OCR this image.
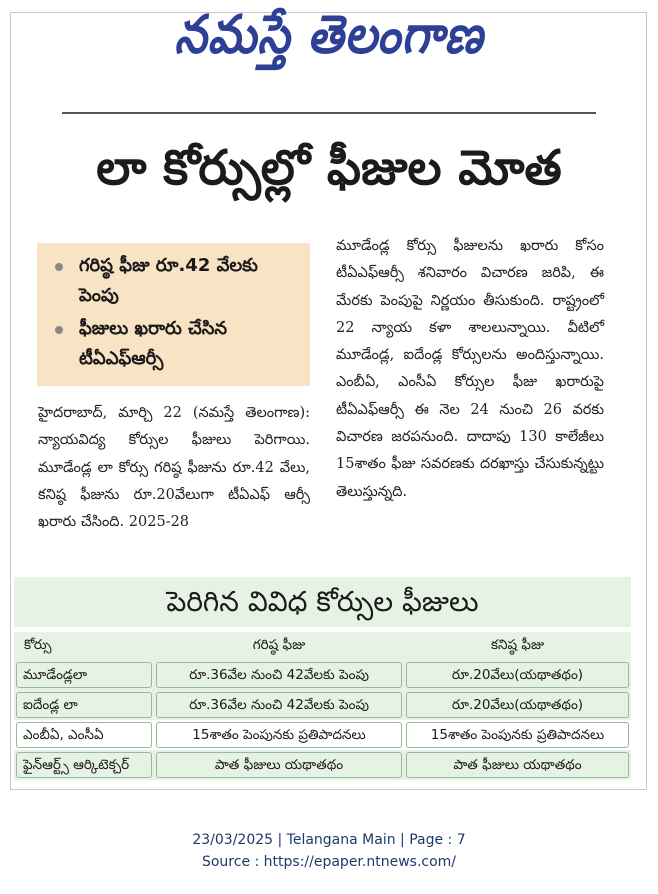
నమస్తే తెలంగాణ
లా కోర్సుల్లో ఫీజుల మోత
గరిష్ఠ ఫీజు రూ.42 వేలకు పెంపు
ఫీజులు ఖరారు చేసిన టీఏఎఫ్‌ఆర్సీ
హైదరాబాద్, మార్చి 22 (నమస్తే తెలంగాణ): న్యాయవిద్య కోర్సుల ఫీజులు పెరిగాయి. మూడేండ్ల లా కోర్సు గరిష్ఠ ఫీజును రూ.42 వేలు, కనిష్ఠ ఫీజును రూ.20వేలుగా టీఏఎఫ్ ఆర్సీ ఖరారు చేసింది. 2025-28
మూడేండ్ల కోర్సు ఫీజులను ఖరారు కోసం టీఏఎఫ్‌ఆర్సీ శనివారం విచారణ జరిపి, ఈ మేరకు పెంపుపై నిర్ణయం తీసుకుంది. రాష్ట్రంలో 22 న్యాయ కళా శాలలున్నాయి. వీటిలో మూడేండ్ల, ఐదేండ్ల కోర్సులను అందిస్తున్నాయి. ఎంబీఏ, ఎంసీఏ కోర్సుల ఫీజు ఖరారుపై టీఏఎఫ్‌ఆర్సీ ఈ నెల 24 నుంచి 26 వరకు విచారణ జరపనుంది. దాదాపు 130 కాలేజీలు 15శాతం ఫీజు సవరణకు దరఖాస్తు చేసుకున్నట్టు తెలుస్తున్నది.
పెరిగిన వివిధ కోర్సుల ఫీజులు
కోర్సు	గరిష్ఠ ఫీజు	కనిష్ఠ ఫీజు

మూడేండ్లలా	రూ.36వేల నుంచి 42వేలకు పెంపు	రూ.20వేలు(యథాతథం)

ఐదేండ్ల లా	రూ.36వేల నుంచి 42వేలకు పెంపు	రూ.20వేలు(యథాతథం)

ఎంబీఏ, ఎంసీఏ	15శాతం పెంపునకు ప్రతిపాదనలు	15శాతం పెంపునకు ప్రతిపాదనలు

ఫైన్‌ఆర్ట్స్ ఆర్కిటెక్చర్	పాత ఫీజులు యథాతథం	పాత ఫీజులు యథాతథం
23/03/2025 | Telangana Main | Page : 7
Source : https://epaper.ntnews.com/
